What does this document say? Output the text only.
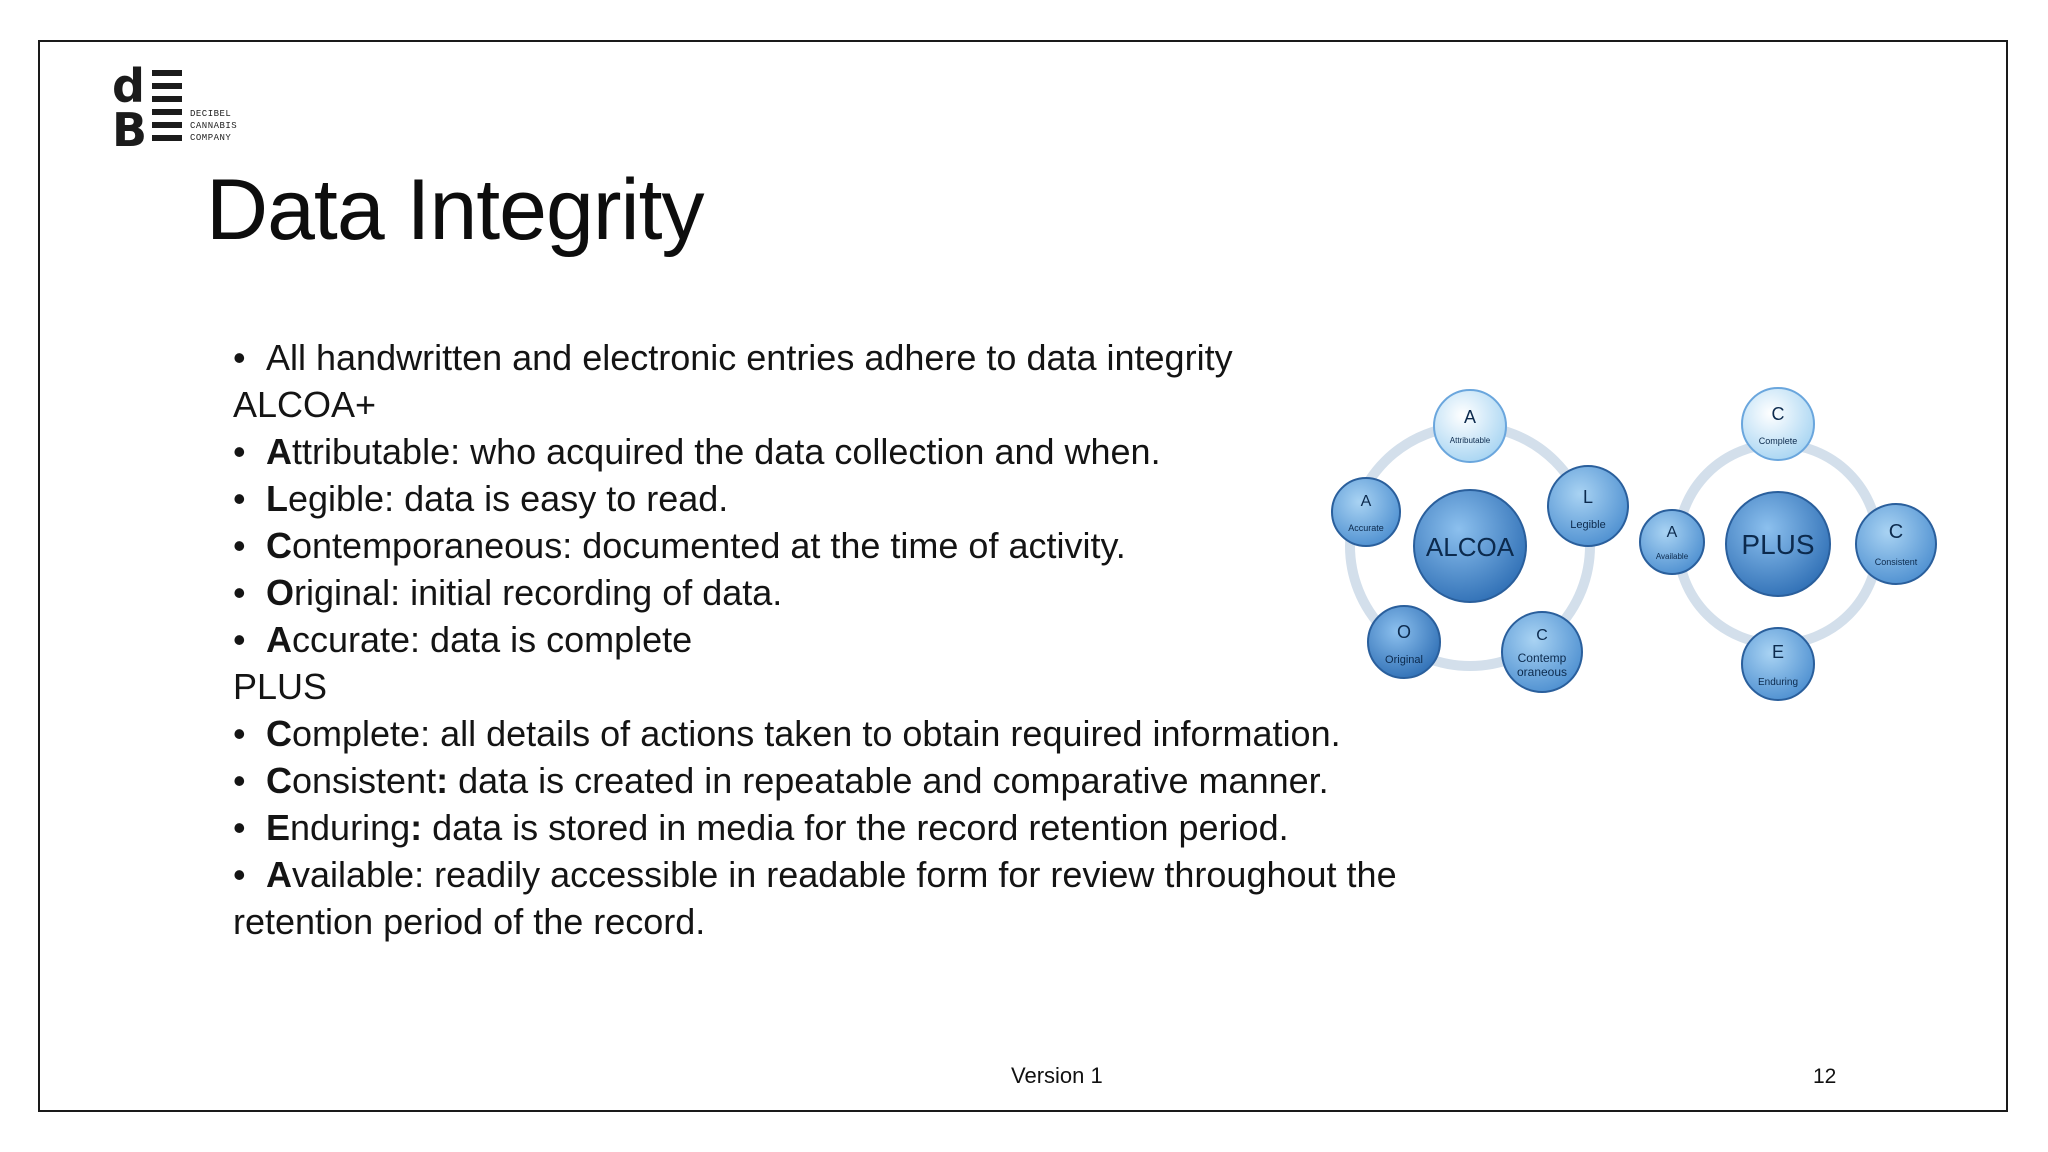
d
B	DECIBEL
CANNABIS
COMPANY
Data Integrity
• All handwritten and electronic entries adhere to data integrity
ALCOA+
• Attributable: who acquired the data collection and when.
• Legible: data is easy to read.
• Contemporaneous: documented at the time of activity.
• Original: initial recording of data.
• Accurate: data is complete
PLUS
• Complete: all details of actions taken to obtain required information.
• Consistent: data is created in repeatable and comparative manner.
• Enduring: data is stored in media for the record retention period.
• Available: readily accessible in readable form for review throughout the
retention period of the record.
ALCOA
A
Attributable
L
Legible
C
Contemp
oraneous
O
Original
A
Accurate
PLUS
C
Complete
C
Consistent
E
Enduring
A
Available
Version 1	12
